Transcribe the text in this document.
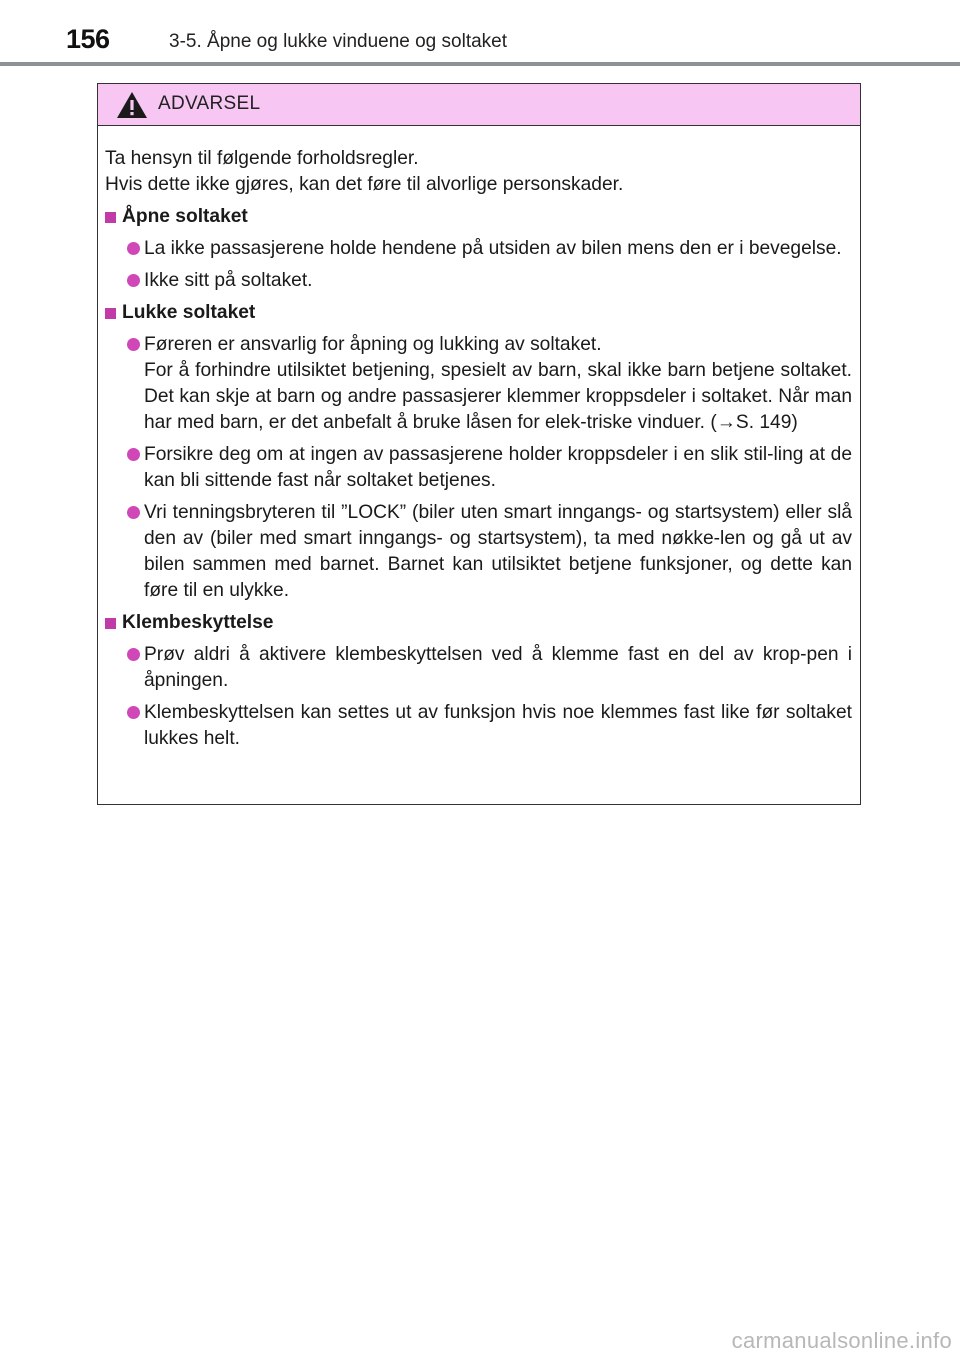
156	3-5. Åpne og lukke vinduene og soltaket
ADVARSEL

Ta hensyn til følgende forholdsregler.

Hvis dette ikke gjøres, kan det føre til alvorlige personskader.

Åpne soltaket

La ikke passasjerene holde hendene på utsiden av bilen mens den er i bevegelse.

Ikke sitt på soltaket.

Lukke soltaket

Føreren er ansvarlig for åpning og lukking av soltaket.

For å forhindre utilsiktet betjening, spesielt av barn, skal ikke barn betjene soltaket. Det kan skje at barn og andre passasjerer klemmer kroppsdeler i soltaket. Når man har med barn, er det anbefalt å bruke låsen for elek-triske vinduer. (→S. 149)

Forsikre deg om at ingen av passasjerene holder kroppsdeler i en slik stil-ling at de kan bli sittende fast når soltaket betjenes.

Vri tenningsbryteren til ”LOCK” (biler uten smart inngangs- og startsystem) eller slå den av (biler med smart inngangs- og startsystem), ta med nøkke-len og gå ut av bilen sammen med barnet. Barnet kan utilsiktet betjene funksjoner, og dette kan føre til en ulykke.

Klembeskyttelse

Prøv aldri å aktivere klembeskyttelsen ved å klemme fast en del av krop-pen i åpningen.

Klembeskyttelsen kan settes ut av funksjon hvis noe klemmes fast like før soltaket lukkes helt.

carmanualsonline.info
